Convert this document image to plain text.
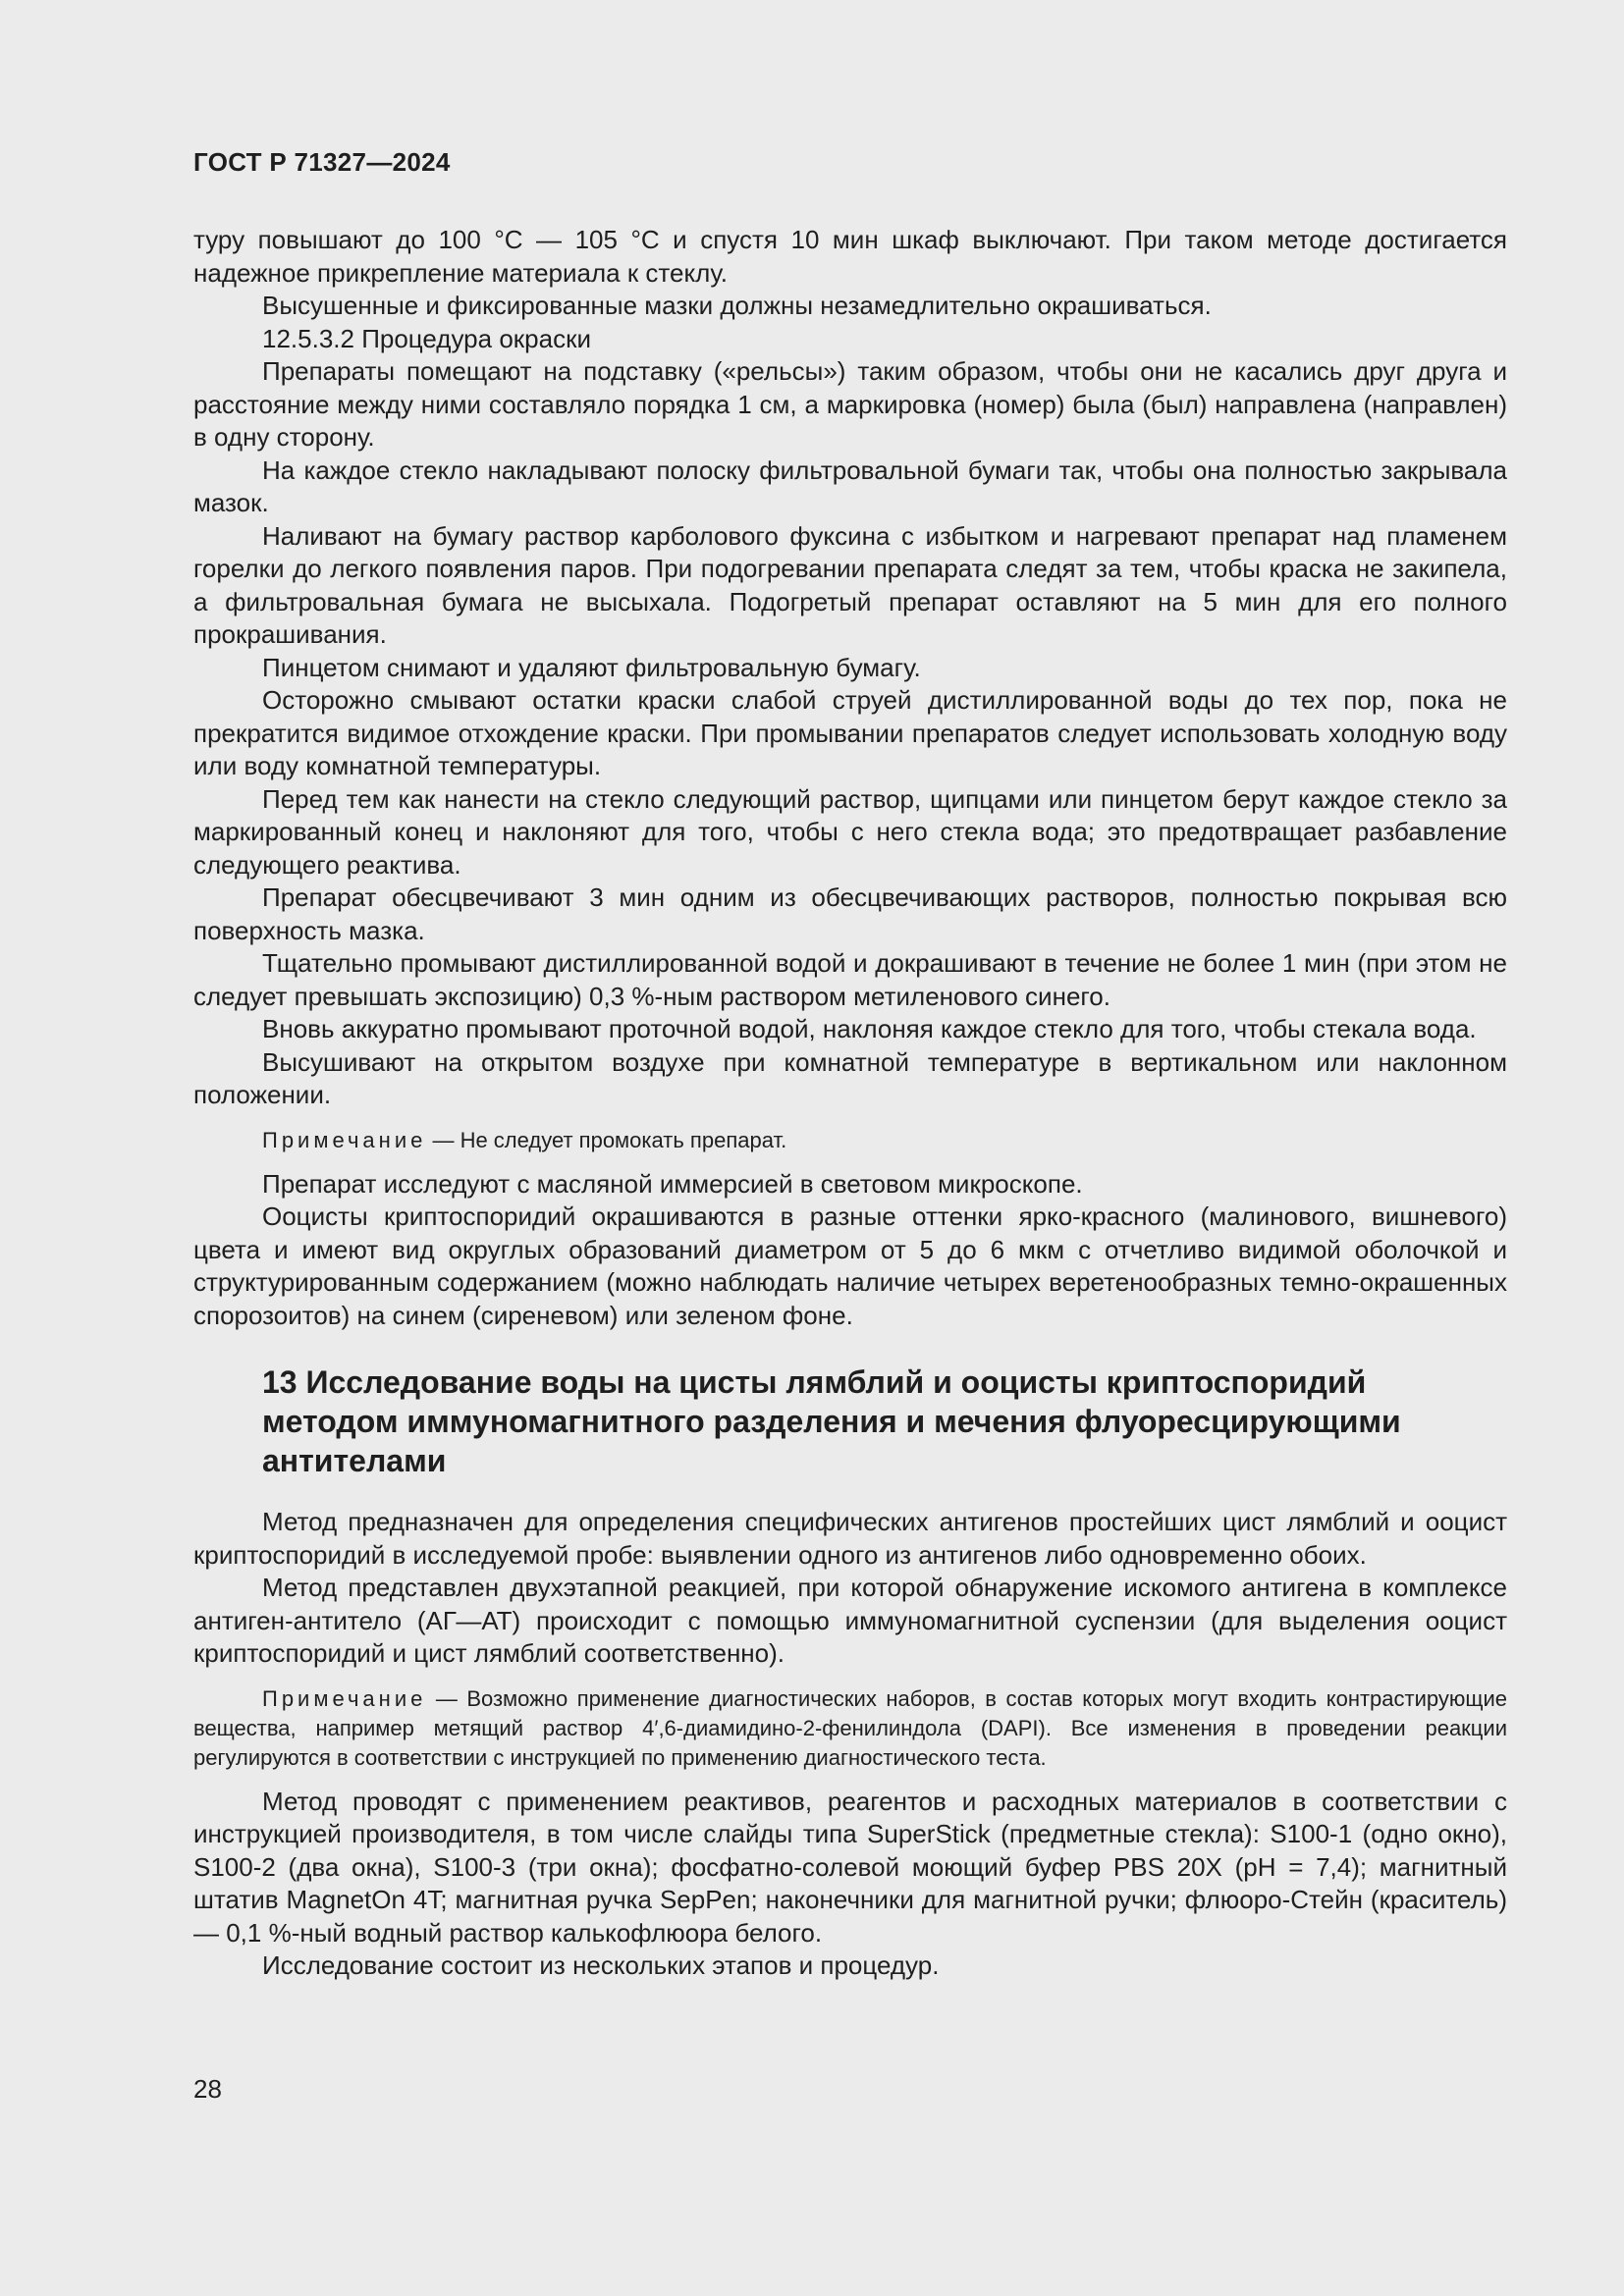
ГОСТ Р 71327—2024

туру повышают до 100 °С — 105 °С и спустя 10 мин шкаф выключают. При таком методе достигается надежное прикрепление материала к стеклу.

Высушенные и фиксированные мазки должны незамедлительно окрашиваться.

12.5.3.2 Процедура окраски

Препараты помещают на подставку («рельсы») таким образом, чтобы они не касались друг друга и расстояние между ними составляло порядка 1 см, а маркировка (номер) была (был) направлена (направлен) в одну сторону.

На каждое стекло накладывают полоску фильтровальной бумаги так, чтобы она полностью закрывала мазок.

Наливают на бумагу раствор карболового фуксина с избытком и нагревают препарат над пламенем горелки до легкого появления паров. При подогревании препарата следят за тем, чтобы краска не закипела, а фильтровальная бумага не высыхала. Подогретый препарат оставляют на 5 мин для его полного прокрашивания.

Пинцетом снимают и удаляют фильтровальную бумагу.

Осторожно смывают остатки краски слабой струей дистиллированной воды до тех пор, пока не прекратится видимое отхождение краски. При промывании препаратов следует использовать холодную воду или воду комнатной температуры.

Перед тем как нанести на стекло следующий раствор, щипцами или пинцетом берут каждое стекло за маркированный конец и наклоняют для того, чтобы с него стекла вода; это предотвращает разбавление следующего реактива.

Препарат обесцвечивают 3 мин одним из обесцвечивающих растворов, полностью покрывая всю поверхность мазка.

Тщательно промывают дистиллированной водой и докрашивают в течение не более 1 мин (при этом не следует превышать экспозицию) 0,3 %-ным раствором метиленового синего.

Вновь аккуратно промывают проточной водой, наклоняя каждое стекло для того, чтобы стекала вода.

Высушивают на открытом воздухе при комнатной температуре в вертикальном или наклонном положении.

Примечание — Не следует промокать препарат.

Препарат исследуют с масляной иммерсией в световом микроскопе.

Ооцисты криптоспоридий окрашиваются в разные оттенки ярко-красного (малинового, вишневого) цвета и имеют вид округлых образований диаметром от 5 до 6 мкм с отчетливо видимой оболочкой и структурированным содержанием (можно наблюдать наличие четырех веретенообразных темно-окрашенных спорозоитов) на синем (сиреневом) или зеленом фоне.

13 Исследование воды на цисты лямблий и ооцисты криптоспоридий методом иммуномагнитного разделения и мечения флуоресцирующими антителами

Метод предназначен для определения специфических антигенов простейших цист лямблий и ооцист криптоспоридий в исследуемой пробе: выявлении одного из антигенов либо одновременно обоих.

Метод представлен двухэтапной реакцией, при которой обнаружение искомого антигена в комплексе антиген-антитело (АГ—АТ) происходит с помощью иммуномагнитной суспензии (для выделения ооцист криптоспоридий и цист лямблий соответственно).

Примечание — Возможно применение диагностических наборов, в состав которых могут входить контрастирующие вещества, например метящий раствор 4′,6-диамидино-2-фенилиндола (DAPI). Все изменения в проведении реакции регулируются в соответствии с инструкцией по применению диагностического теста.

Метод проводят с применением реактивов, реагентов и расходных материалов в соответствии с инструкцией производителя, в том числе слайды типа SuperStick (предметные стекла): S100-1 (одно окно), S100-2 (два окна), S100-3 (три окна); фосфатно-солевой моющий буфер PBS 20X (pH = 7,4); магнитный штатив MagnetOn 4T; магнитная ручка SepPen; наконечники для магнитной ручки; флюоро-Стейн (краситель) — 0,1 %-ный водный раствор калькофлюора белого.

Исследование состоит из нескольких этапов и процедур.

28
